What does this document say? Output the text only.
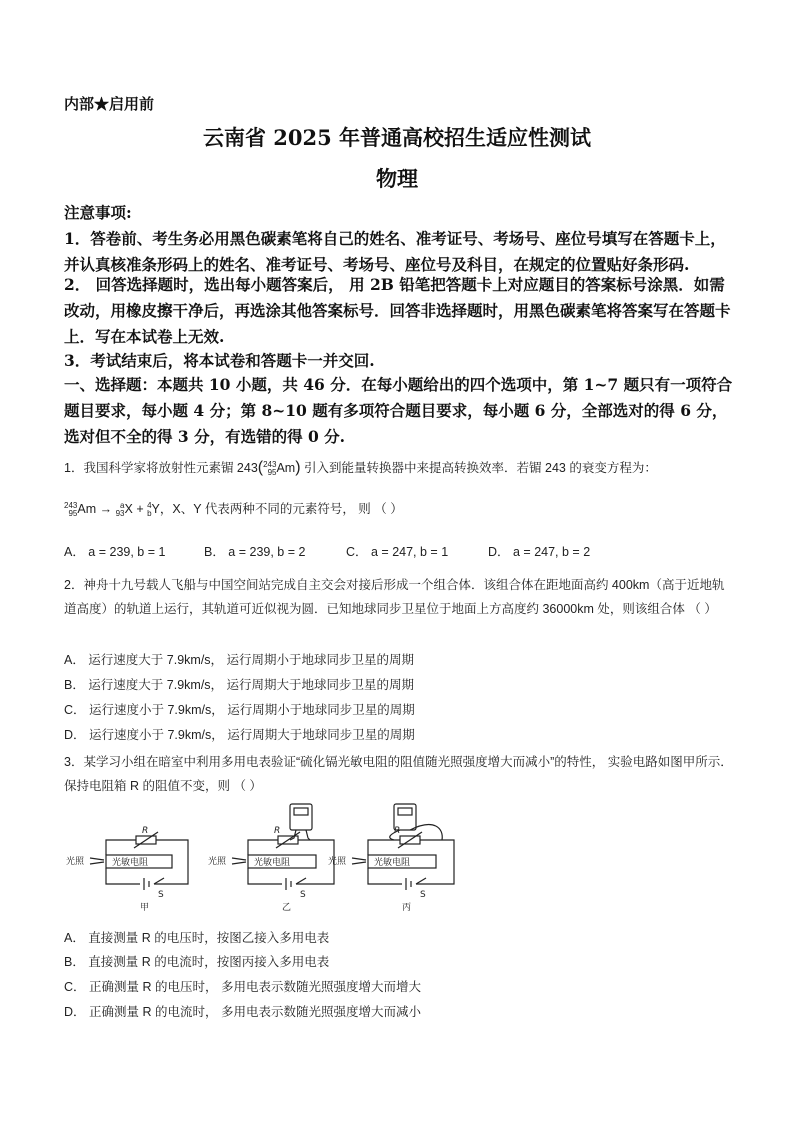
内部★启用前
云南省 2025 年普通高校招生适应性测试
物理
注意事项:
1．答卷前、考生务必用黑色碳素笔将自己的姓名、准考证号、考场号、座位号填写在答题卡上，并认真核准条形码上的姓名、准考证号、考场号、座位号及科目，在规定的位置贴好条形码.
2． 回答选择题时，选出每小题答案后， 用 2B 铅笔把答题卡上对应题目的答案标号涂黑．如需改动，用橡皮擦干净后，再选涂其他答案标号．回答非选择题时，用黑色碳素笔将答案写在答题卡上．写在本试卷上无效.
3．考试结束后，将本试卷和答题卡一并交回.
一、选择题：本题共 10 小题，共 46 分．在每小题给出的四个选项中，第 1~7 题只有一项符合题目要求，每小题 4 分；第 8~10 题有多项符合题目要求，每小题 6 分，全部选对的得 6 分，选对但不全的得 3 分，有选错的得 0 分.
1．我国科学家将放射性元素镅 243(243
95Am) 引入到能量转换器中来提高转换效率．若镅 243 的衰变方程为：
243
95Am → a
93X + 4
bY，X、Y 代表两种不同的元素符号， 则 （ ）
A． a = 239, b = 1	B． a = 239, b = 2	C． a = 247, b = 1	D． a = 247, b = 2
2．神舟十九号载人飞船与中国空间站完成自主交会对接后形成一个组合体．该组合体在距地面高约 400km（高于近地轨道高度）的轨道上运行，其轨道可近似视为圆．已知地球同步卫星位于地面上方高度约 36000km 处，则该组合体 （ ）
A． 运行速度大于 7.9km/s， 运行周期小于地球同步卫星的周期
B． 运行速度大于 7.9km/s， 运行周期大于地球同步卫星的周期
C． 运行速度小于 7.9km/s， 运行周期小于地球同步卫星的周期
D． 运行速度小于 7.9km/s， 运行周期大于地球同步卫星的周期
3．某学习小组在暗室中利用多用电表验证“硫化镉光敏电阻的阻值随光照强度增大而减小”的特性， 实验电路如图甲所示．保持电阻箱 R 的阻值不变，则 （ ）
光照	光敏电阻
R
S
甲
光照	光敏电阻
R
S
乙
光照	光敏电阻
R
S
丙
A． 直接测量 R 的电压时，按图乙接入多用电表
B． 直接测量 R 的电流时，按图丙接入多用电表
C． 正确测量 R 的电压时， 多用电表示数随光照强度增大而增大
D． 正确测量 R 的电流时， 多用电表示数随光照强度增大而减小
